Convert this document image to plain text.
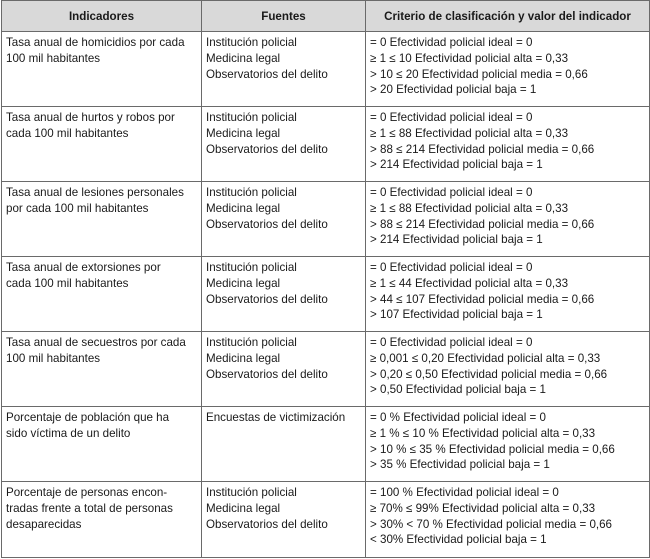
Indicadores	Fuentes	Criterio de clasificación y valor del indicador

Tasa anual de homicidios por cada
100 mil habitantes	Institución policial
Medicina legal
Observatorios del delito	= 0 Efectividad policial ideal = 0
≥ 1 ≤ 10 Efectividad policial alta = 0,33
> 10 ≤ 20 Efectividad policial media = 0,66
> 20 Efectividad policial baja = 1

Tasa anual de hurtos y robos por
cada 100 mil habitantes	Institución policial
Medicina legal
Observatorios del delito	= 0 Efectividad policial ideal = 0
≥ 1 ≤ 88 Efectividad policial alta = 0,33
> 88 ≤ 214 Efectividad policial media = 0,66
> 214 Efectividad policial baja = 1

Tasa anual de lesiones personales
por cada 100 mil habitantes	Institución policial
Medicina legal
Observatorios del delito	= 0 Efectividad policial ideal = 0
≥ 1 ≤ 88 Efectividad policial alta = 0,33
> 88 ≤ 214 Efectividad policial media = 0,66
> 214 Efectividad policial baja = 1

Tasa anual de extorsiones por
cada 100 mil habitantes	Institución policial
Medicina legal
Observatorios del delito	= 0 Efectividad policial ideal = 0
≥ 1 ≤ 44 Efectividad policial alta = 0,33
> 44 ≤ 107 Efectividad policial media = 0,66
> 107 Efectividad policial baja = 1

Tasa anual de secuestros por cada
100 mil habitantes	Institución policial
Medicina legal
Observatorios del delito	= 0 Efectividad policial ideal = 0
≥ 0,001 ≤ 0,20 Efectividad policial alta = 0,33
> 0,20 ≤ 0,50 Efectividad policial media = 0,66
> 0,50 Efectividad policial baja = 1

Porcentaje de población que ha
sido víctima de un delito	Encuestas de victimización	= 0 % Efectividad policial ideal = 0
≥ 1 % ≤ 10 % Efectividad policial alta = 0,33
> 10 % ≤ 35 % Efectividad policial media = 0,66
> 35 % Efectividad policial baja = 1

Porcentaje de personas encon-
tradas frente a total de personas
desaparecidas	Institución policial
Medicina legal
Observatorios del delito	= 100 % Efectividad policial ideal = 0
≥ 70% ≤ 99% Efectividad policial alta = 0,33
> 30% < 70 % Efectividad policial media = 0,66
< 30% Efectividad policial baja = 1
